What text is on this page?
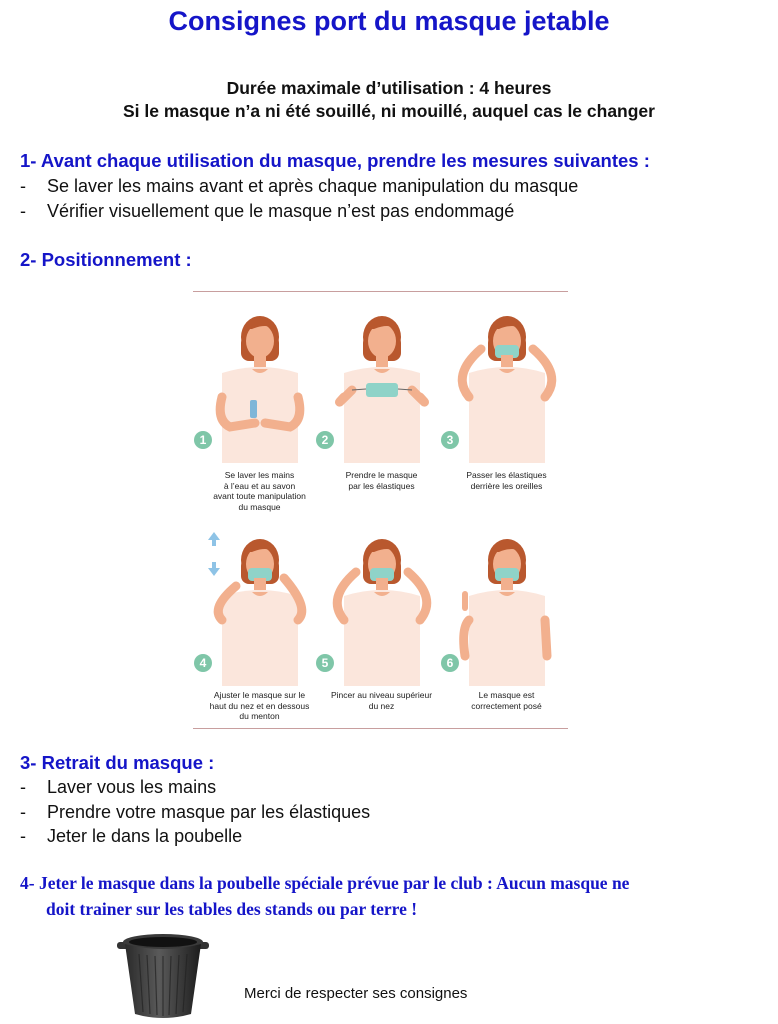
Consignes port du masque jetable
Durée maximale d’utilisation : 4 heures
Si le masque n’a ni été souillé, ni mouillé, auquel cas le changer
1- Avant chaque utilisation du masque, prendre les mesures suivantes :
- Se laver les mains avant et après chaque manipulation du masque
- Vérifier visuellement que le masque n’est pas endommagé
2- Positionnement :
1
Se laver les mains
à l’eau et au savon
avant toute manipulation
du masque
2
Prendre le masque
par les élastiques
3
Passer les élastiques
derrière les oreilles
4
Ajuster le masque sur le
haut du nez et en dessous
du menton
5
Pincer au niveau supérieur
du nez
6
Le masque est
correctement posé
3- Retrait du masque :
- Laver vous les mains
- Prendre votre masque par les élastiques
- Jeter le dans la poubelle
4- Jeter le masque dans la poubelle spéciale prévue par le club : Aucun masque ne
doit trainer sur les tables des stands ou par terre !
Merci de respecter ses consignes
